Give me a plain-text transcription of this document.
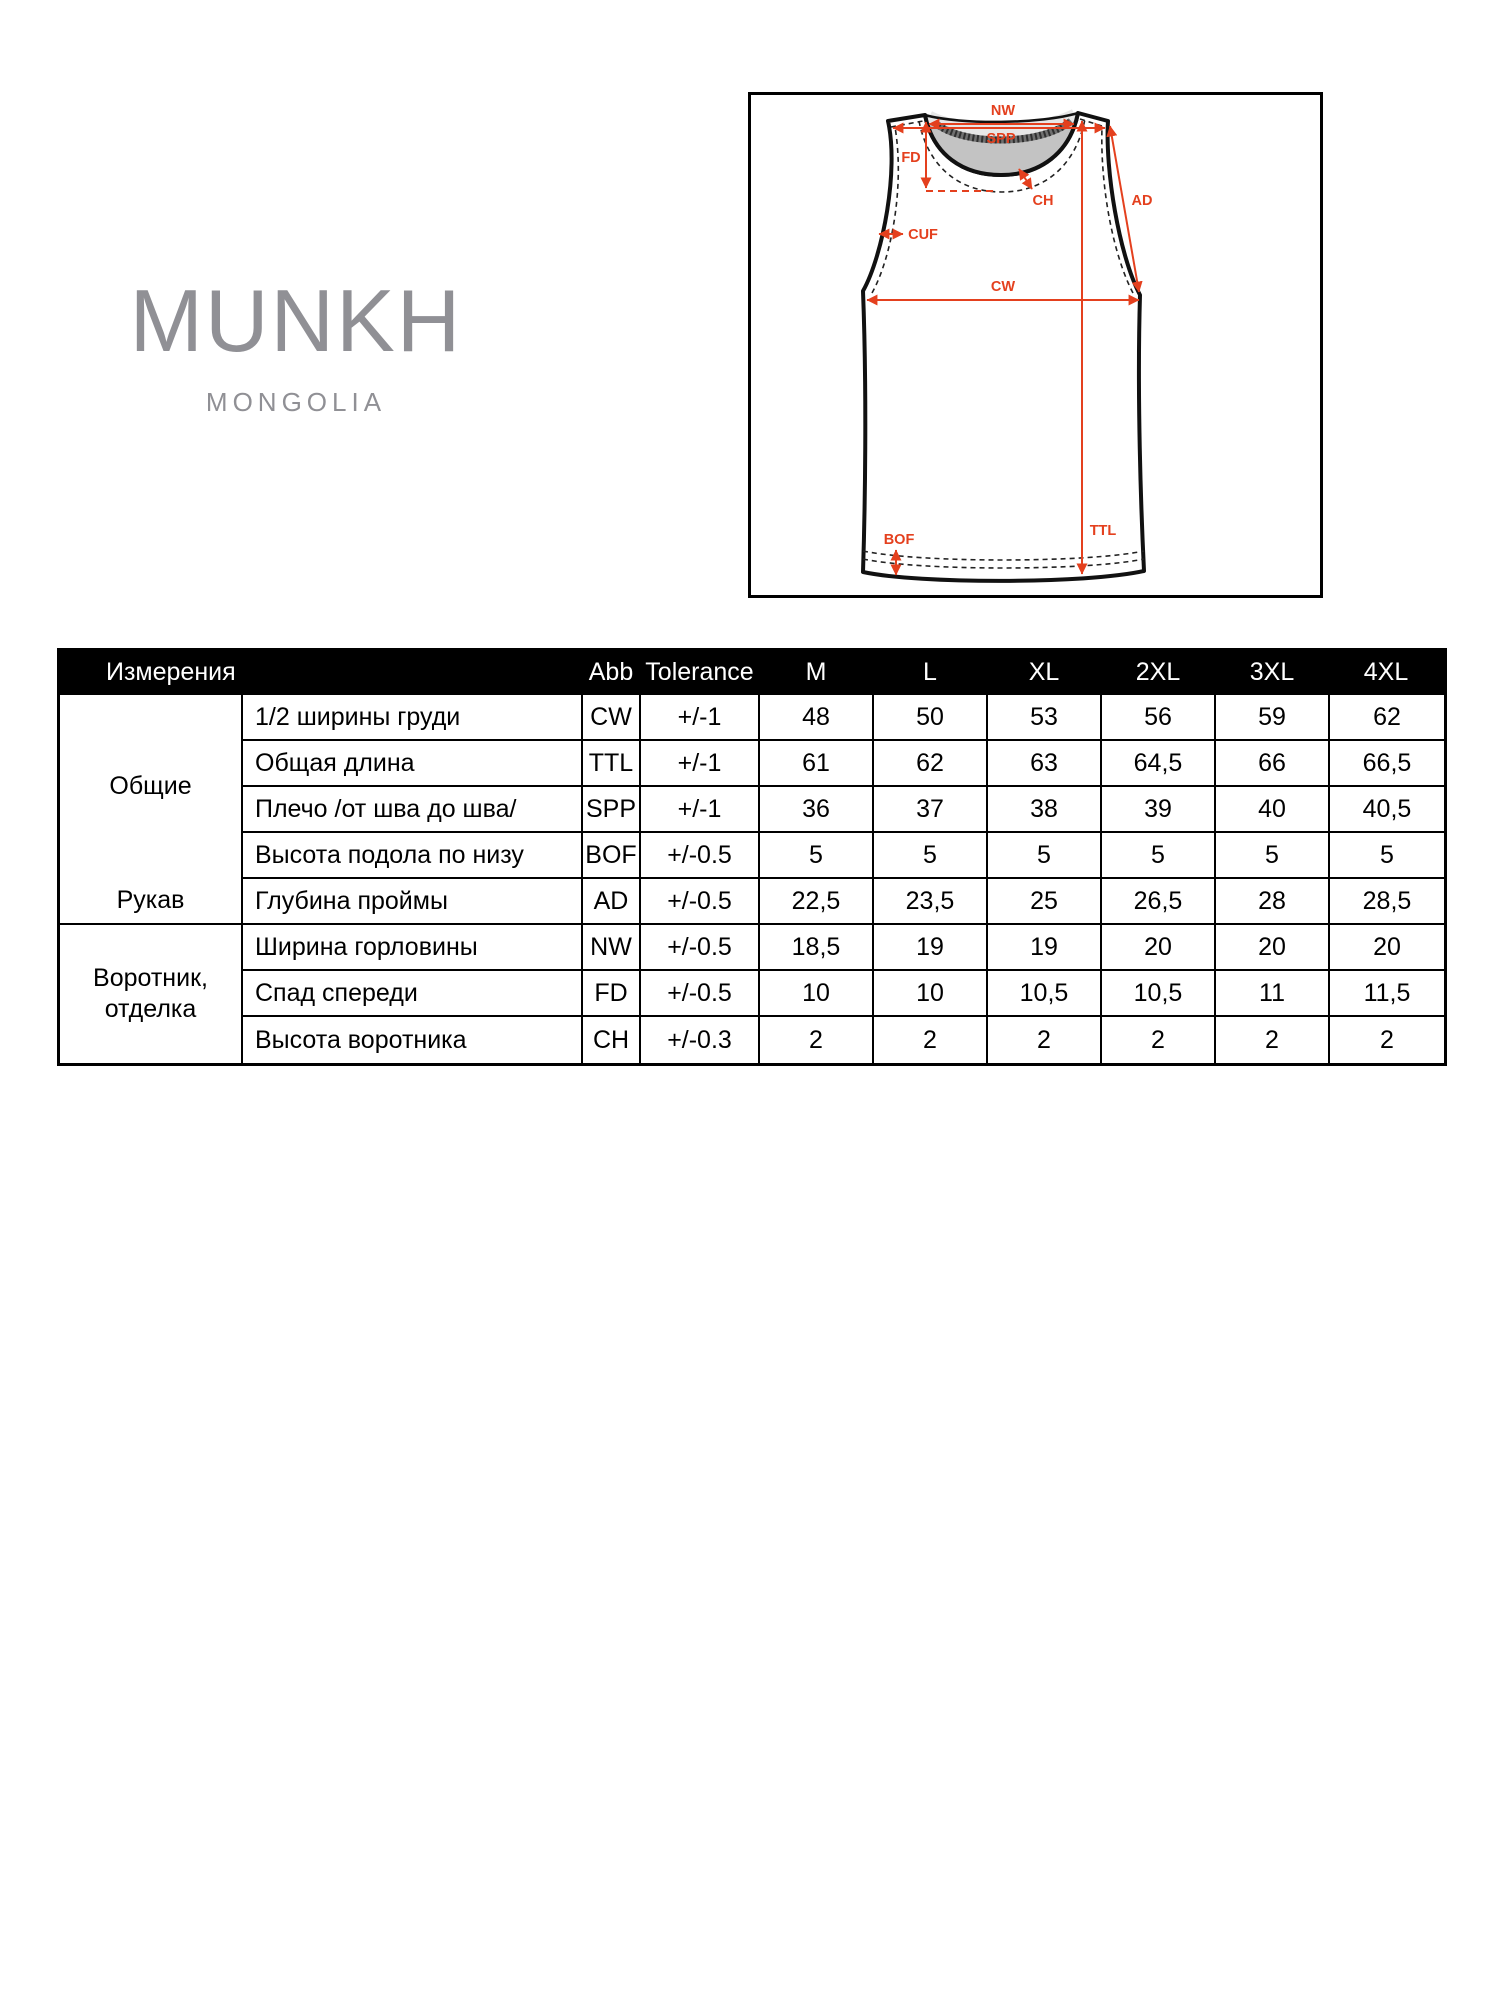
MUNKH
MONGOLIA
NW
SPP
FD
CH	AD
CUF
CW
TTL
BOF
Измерения	Abb Tolerance	M	L	XL	2XL	3XL	4XL
Общие
Рукав
Воротник,
отделка
1/2 ширины груди	CW	+/-1	48	50	53	56	59	62
Общая длина	TTL	+/-1	61	62	63	64,5	66	66,5
Плечо /от шва до шва/	SPP	+/-1	36	37	38	39	40	40,5
Высота подола по низу	BOF	+/-0.5	5	5	5	5	5	5
Глубина проймы	AD	+/-0.5	22,5	23,5	25	26,5	28	28,5
Ширина горловины	NW	+/-0.5	18,5	19	19	20	20	20
Спад спереди	FD	+/-0.5	10	10	10,5	10,5	11	11,5
Высота воротника	CH	+/-0.3	2	2	2	2	2	2
